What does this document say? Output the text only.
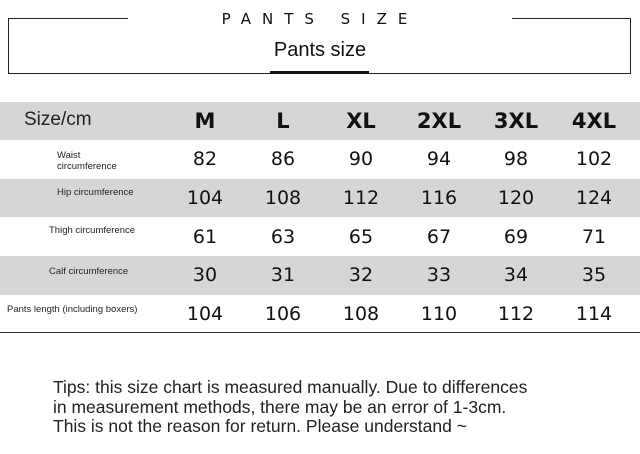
PANTS SIZE
Pants size
Size/cm	M	L	XL	2XL	3XL	4XL
Waist circumference	82	86	90	94	98	102
Hip circumference	104	108	112	116	120	124
Thigh circumference	61	63	65	67	69	71
Calf circumference	30	31	32	33	34	35
Pants length (including boxers)	104	106	108	110	112	114
Tips: this size chart is measured manually. Due to differences
in measurement methods, there may be an error of 1-3cm.
This is not the reason for return. Please understand ~
